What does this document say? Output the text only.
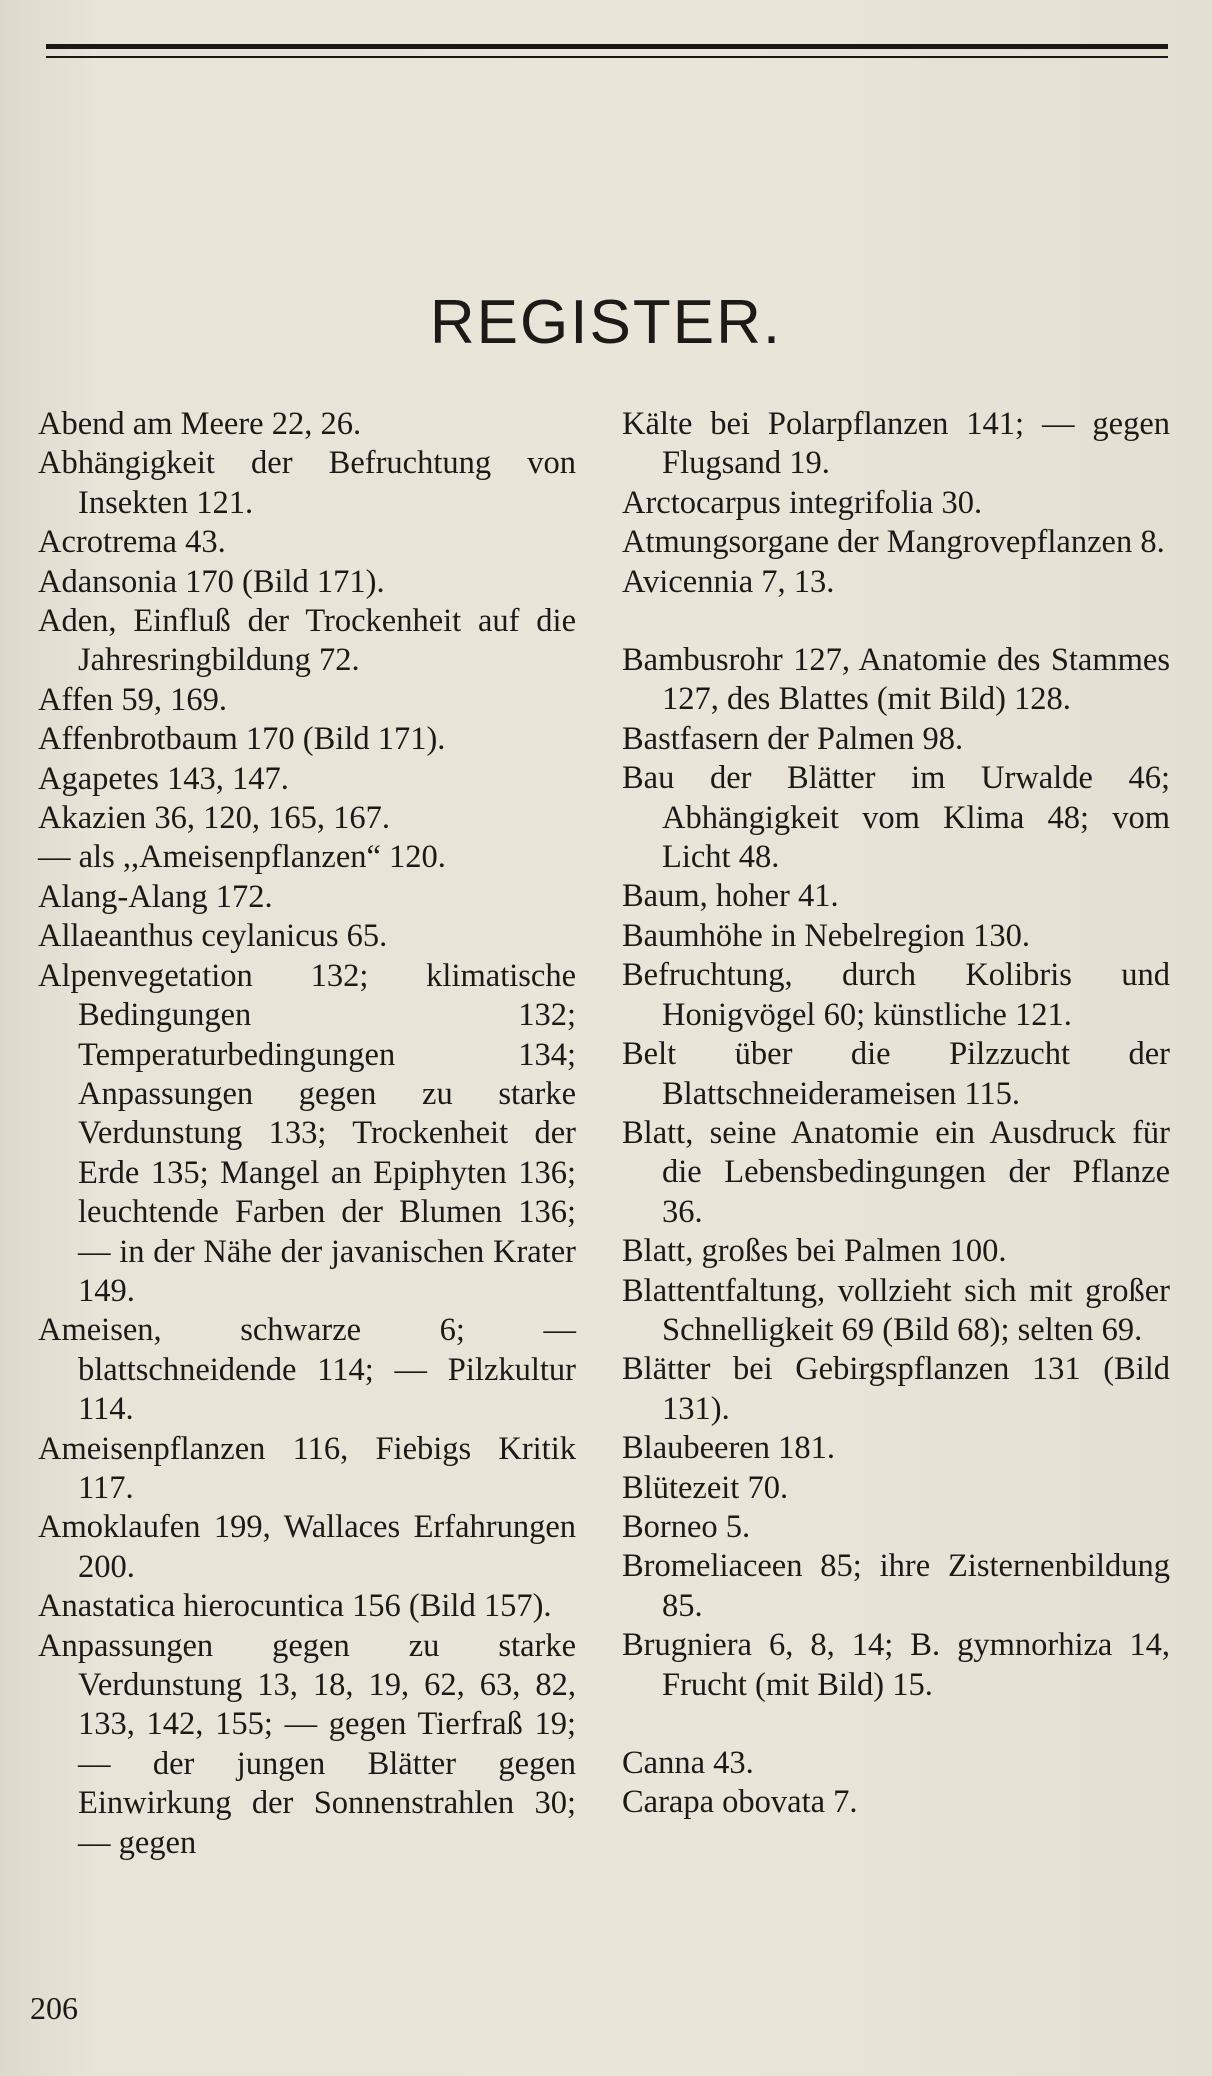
REGISTER.

Abend am Meere 22, 26.

Abhängigkeit der Befruchtung von Insekten 121.

Acrotrema 43.

Adansonia 170 (Bild 171).

Aden, Einfluß der Trockenheit auf die Jahresringbildung 72.

Affen 59, 169.

Affenbrotbaum 170 (Bild 171).

Agapetes 143, 147.

Akazien 36, 120, 165, 167.

— als ,,Ameisenpflanzen“ 120.

Alang-Alang 172.

Allaeanthus ceylanicus 65.

Alpenvegetation 132; klimatische Bedingungen 132; Temperaturbedingungen 134; Anpassungen gegen zu starke Verdunstung 133; Trockenheit der Erde 135; Mangel an Epiphyten 136; leuchtende Farben der Blumen 136; — in der Nähe der javanischen Krater 149.

Ameisen, schwarze 6; — blattschneidende 114; — Pilzkultur 114.

Ameisenpflanzen 116, Fiebigs Kritik 117.

Amoklaufen 199, Wallaces Erfahrungen 200.

Anastatica hierocuntica 156 (Bild 157).

Anpassungen gegen zu starke Verdunstung 13, 18, 19, 62, 63, 82, 133, 142, 155; — gegen Tierfraß 19; — der jungen Blätter gegen Einwirkung der Sonnenstrahlen 30; — gegen

Kälte bei Polarpflanzen 141; — gegen Flugsand 19.

Arctocarpus integrifolia 30.

Atmungsorgane der Mangrovepflanzen 8.

Avicennia 7, 13.

Bambusrohr 127, Anatomie des Stammes 127, des Blattes (mit Bild) 128.

Bastfasern der Palmen 98.

Bau der Blätter im Urwalde 46; Abhängigkeit vom Klima 48; vom Licht 48.

Baum, hoher 41.

Baumhöhe in Nebelregion 130.

Befruchtung, durch Kolibris und Honigvögel 60; künstliche 121.

Belt über die Pilzzucht der Blattschneiderameisen 115.

Blatt, seine Anatomie ein Ausdruck für die Lebensbedingungen der Pflanze 36.

Blatt, großes bei Palmen 100.

Blattentfaltung, vollzieht sich mit großer Schnelligkeit 69 (Bild 68); selten 69.

Blätter bei Gebirgspflanzen 131 (Bild 131).

Blaubeeren 181.

Blütezeit 70.

Borneo 5.

Bromeliaceen 85; ihre Zisternenbildung 85.

Brugniera 6, 8, 14; B. gymnorhiza 14, Frucht (mit Bild) 15.

Canna 43.

Carapa obovata 7.

206
